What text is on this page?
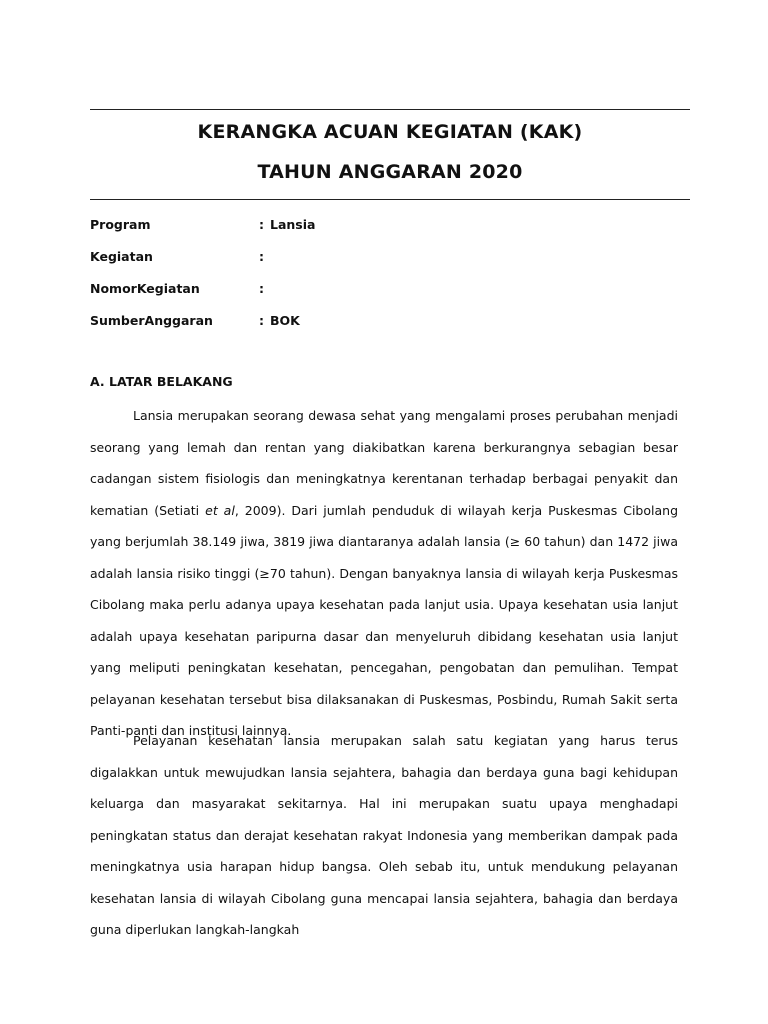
KERANGKA ACUAN KEGIATAN (KAK)
TAHUN ANGGARAN 2020
Program	: Lansia
Kegiatan	:
NomorKegiatan	:
SumberAnggaran	: BOK
A. LATAR BELAKANG

Lansia merupakan seorang dewasa sehat yang mengalami proses perubahan menjadi seorang yang lemah dan rentan yang diakibatkan karena berkurangnya sebagian besar cadangan sistem fisiologis dan meningkatnya kerentanan terhadap berbagai penyakit dan kematian (Setiati et al, 2009). Dari jumlah penduduk di wilayah kerja Puskesmas Cibolang yang berjumlah 38.149 jiwa, 3819 jiwa diantaranya adalah lansia (≥ 60 tahun) dan 1472 jiwa adalah lansia risiko tinggi (≥70 tahun). Dengan banyaknya lansia di wilayah kerja Puskesmas Cibolang maka perlu adanya upaya kesehatan pada lanjut usia. Upaya kesehatan usia lanjut adalah upaya kesehatan paripurna dasar dan menyeluruh dibidang kesehatan usia lanjut yang meliputi peningkatan kesehatan, pencegahan, pengobatan dan pemulihan. Tempat pelayanan kesehatan tersebut bisa dilaksanakan di Puskesmas, Posbindu, Rumah Sakit serta Panti-panti dan institusi lainnya.

Pelayanan kesehatan lansia merupakan salah satu kegiatan yang harus terus digalakkan untuk mewujudkan lansia sejahtera, bahagia dan berdaya guna bagi kehidupan keluarga dan masyarakat sekitarnya. Hal ini merupakan suatu upaya menghadapi peningkatan status dan derajat kesehatan rakyat Indonesia yang memberikan dampak pada meningkatnya usia harapan hidup bangsa. Oleh sebab itu, untuk mendukung pelayanan kesehatan lansia di wilayah Cibolang guna mencapai lansia sejahtera, bahagia dan berdaya guna diperlukan langkah-langkah
